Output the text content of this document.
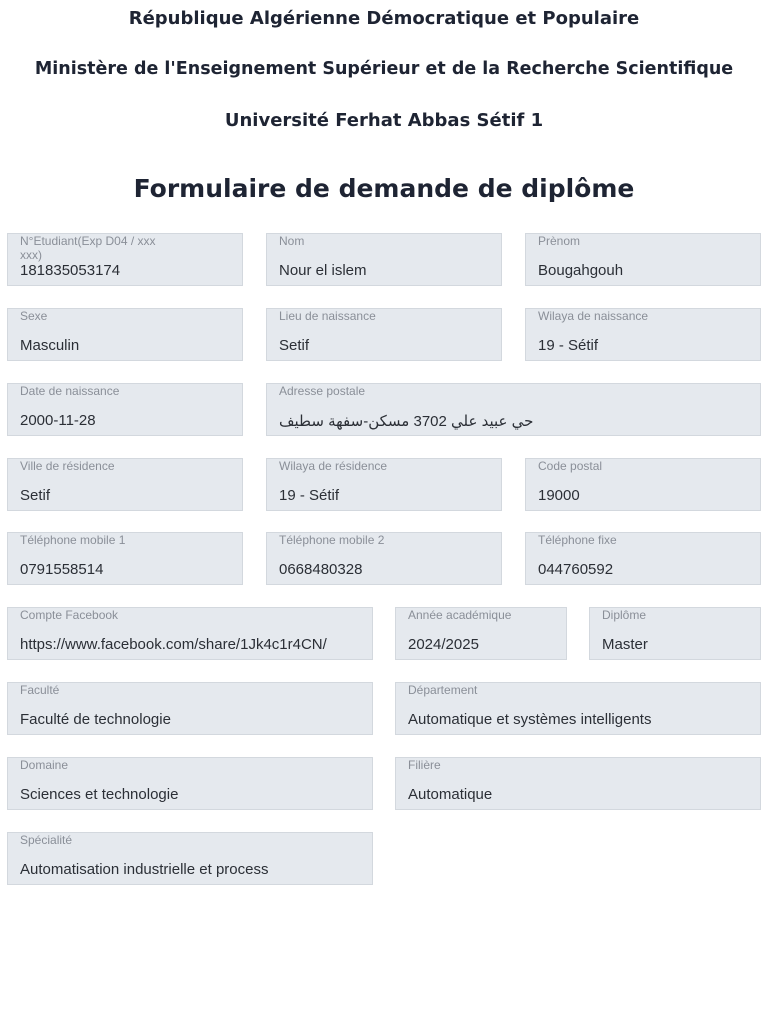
République Algérienne Démocratique et Populaire
Ministère de l'Enseignement Supérieur et de la Recherche Scientifique
Université Ferhat Abbas Sétif 1
Formulaire de demande de diplôme
N°Etudiant(Exp D04 / xxx xxx)
181835053174
Nom
Nour el islem
Prènom
Bougahgouh
Sexe
Masculin
Lieu de naissance
Setif
Wilaya de naissance
19 - Sétif
Date de naissance
2000-11-28
Adresse postale
حي عبيد علي 3702 مسكن-سفهة سطيف
Ville de résidence
Setif
Wilaya de résidence
19 - Sétif
Code postal
19000
Téléphone mobile 1
0791558514
Téléphone mobile 2
0668480328
Téléphone fixe
044760592
Compte Facebook
https://www.facebook.com/share/1Jk4c1r4CN/
Année académique
2024/2025
Diplôme
Master
Faculté
Faculté de technologie
Département
Automatique et systèmes intelligents
Domaine
Sciences et technologie
Filière
Automatique
Spécialité
Automatisation industrielle et process
